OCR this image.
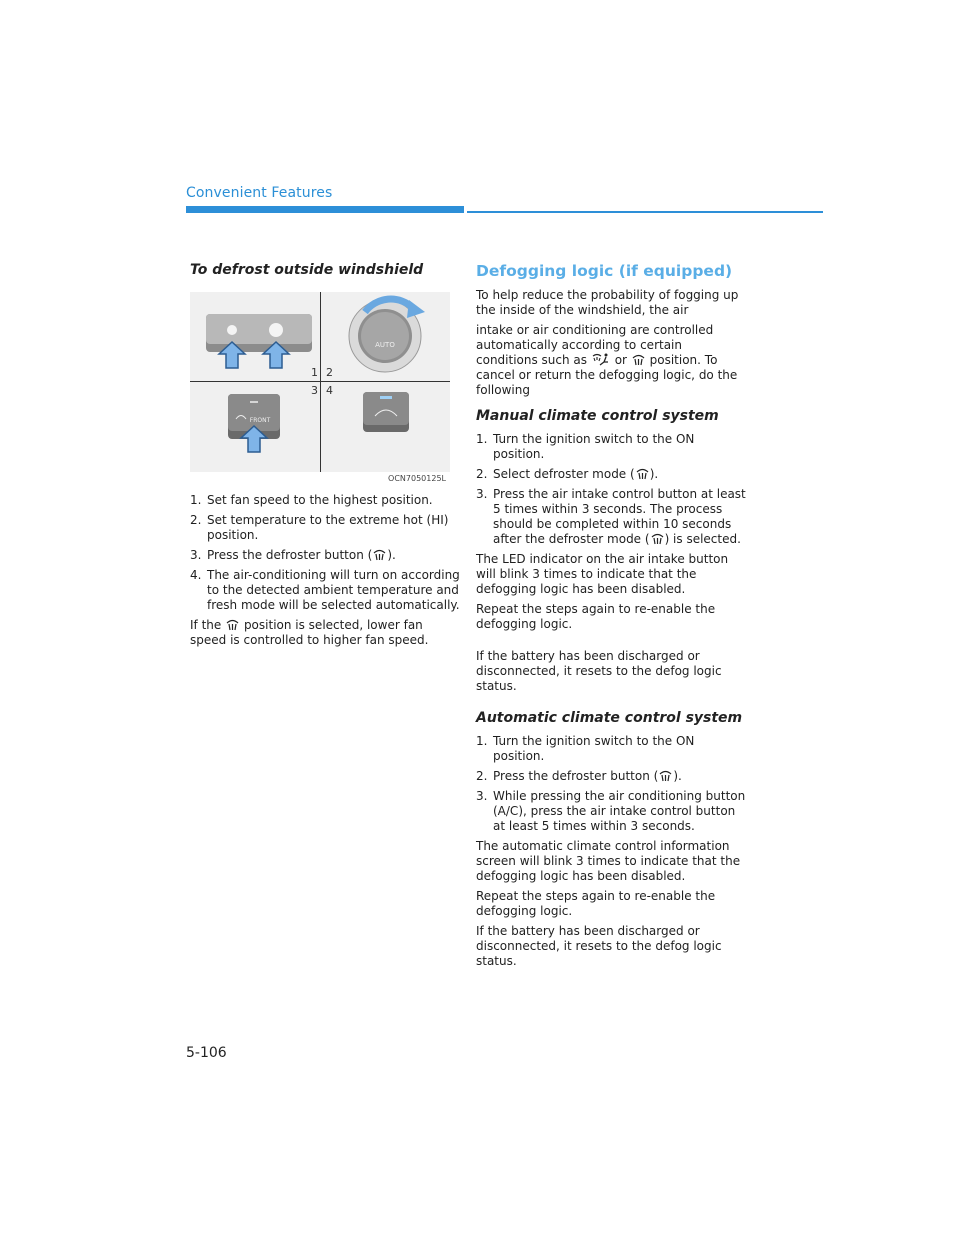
Convenient Features
To defrost outside windshield
AUTO
FRONT
1 2
3 4
OCN7050125L
1. Set fan speed to the highest position.
2. Set temperature to the extreme hot (HI) position.
3. Press the defroster button ( ).
4. The air-conditioning will turn on according to the detected ambient temperature and fresh mode will be selected automatically.

If the position is selected, lower fan speed is controlled to higher fan speed.

Defogging logic (if equipped)

To help reduce the probability of fogging up the inside of the windshield, the air

intake or air conditioning are controlled automatically according to certain conditions such as or position. To cancel or return the defogging logic, do the following

Manual climate control system
1. Turn the ignition switch to the ON position.
2. Select defroster mode ( ).
3. Press the air intake control button at least 5 times within 3 seconds. The process should be completed within 10 seconds after the defroster mode ( ) is selected.

The LED indicator on the air intake button will blink 3 times to indicate that the defogging logic has been disabled.

Repeat the steps again to re-enable the defogging logic.

If the battery has been discharged or disconnected, it resets to the defog logic status.

Automatic climate control system
1. Turn the ignition switch to the ON position.
2. Press the defroster button ( ).
3. While pressing the air conditioning button (A/C), press the air intake control button at least 5 times within 3 seconds.

The automatic climate control information screen will blink 3 times to indicate that the defogging logic has been disabled.

Repeat the steps again to re-enable the defogging logic.

If the battery has been discharged or disconnected, it resets to the defog logic status.

5-106
